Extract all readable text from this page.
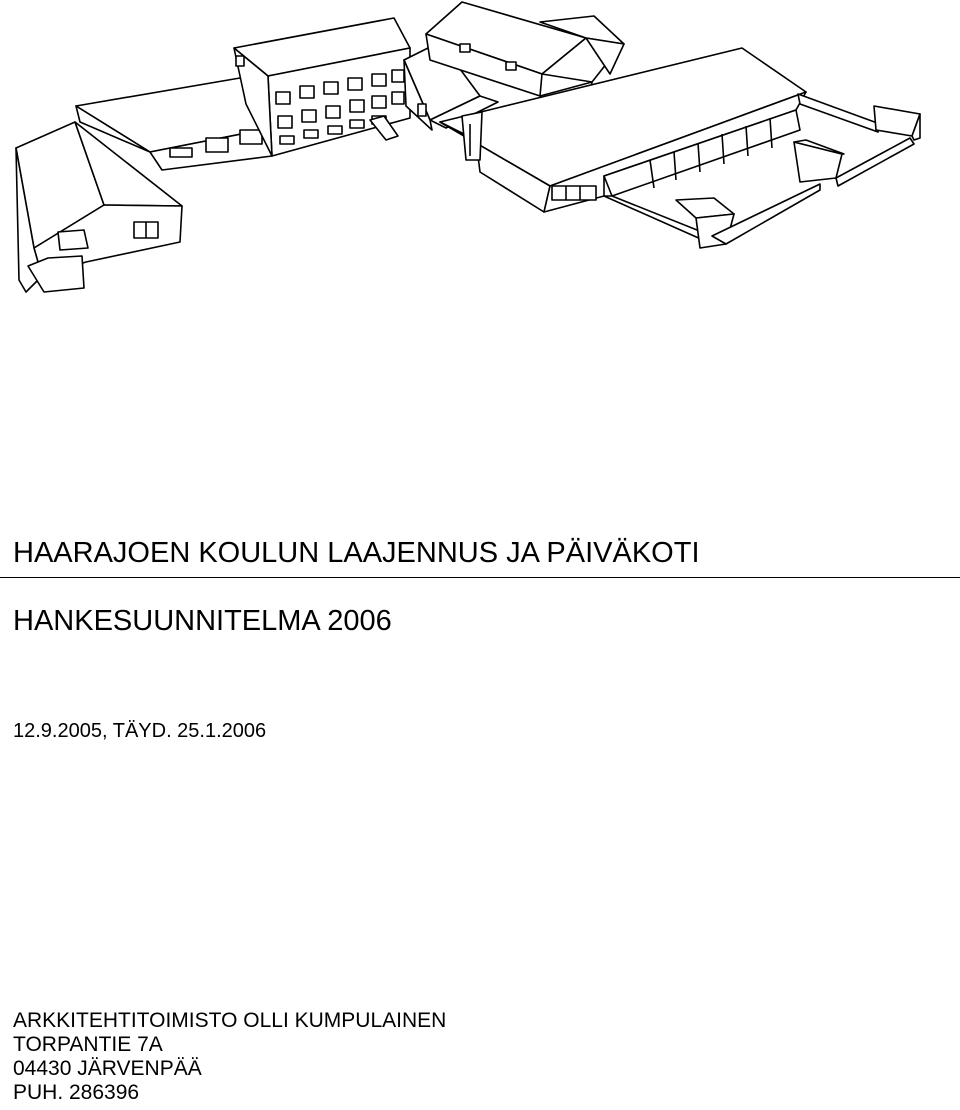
HAARAJOEN KOULUN LAAJENNUS JA PÄIVÄKOTI
HANKESUUNNITELMA 2006
12.9.2005, TÄYD. 25.1.2006
ARKKITEHTITOIMISTO OLLI KUMPULAINEN
TORPANTIE 7A
04430 JÄRVENPÄÄ
PUH. 286396
